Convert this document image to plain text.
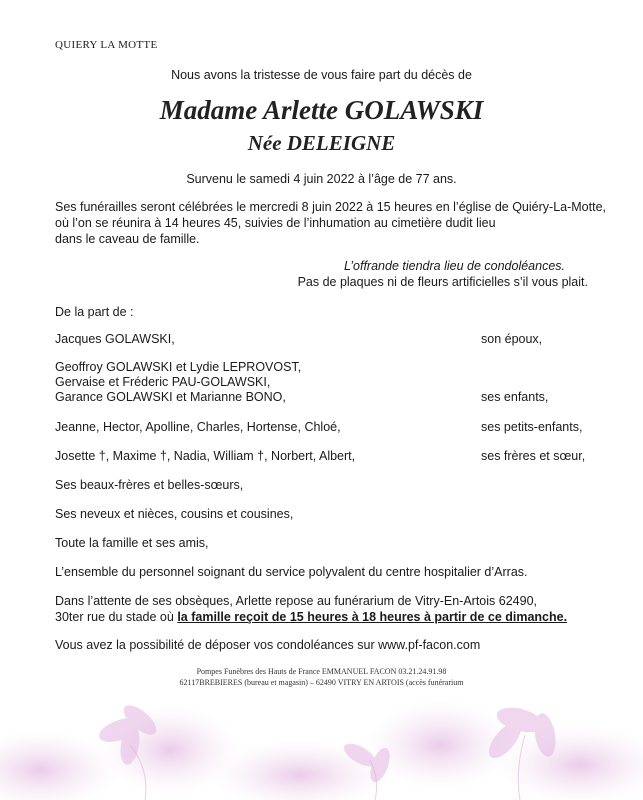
QUIERY LA MOTTE
Nous avons la tristesse de vous faire part du décès de
Madame Arlette GOLAWSKI
Née DELEIGNE
Survenu le samedi 4 juin 2022 à l’âge de 77 ans.
Ses funérailles seront célébrées le mercredi 8 juin 2022 à 15 heures en l’église de Quiéry-La-Motte,
où l’on se réunira à 14 heures 45, suivies de l’inhumation au cimetière dudit lieu
dans le caveau de famille.
L’offrande tiendra lieu de condoléances.
Pas de plaques ni de fleurs artificielles s’il vous plait.
De la part de :
Jacques GOLAWSKI,	son époux,
Geoffroy GOLAWSKI et Lydie LEPROVOST,
Gervaise et Fréderic PAU-GOLAWSKI,
Garance GOLAWSKI et Marianne BONO,	ses enfants,
Jeanne, Hector, Apolline, Charles, Hortense, Chloé,	ses petits-enfants,
Josette †, Maxime †, Nadia, William †, Norbert, Albert,	ses frères et sœur,
Ses beaux-frères et belles-sœurs,
Ses neveux et nièces, cousins et cousines,
Toute la famille et ses amis,
L’ensemble du personnel soignant du service polyvalent du centre hospitalier d’Arras.
Dans l’attente de ses obsèques, Arlette repose au funérarium de Vitry-En-Artois 62490,
30ter rue du stade où la famille reçoit de 15 heures à 18 heures à partir de ce dimanche.
Vous avez la possibilité de déposer vos condoléances sur www.pf-facon.com
Pompes Funèbres des Hauts de France EMMANUEL FACON 03.21.24.91.98
62117BREBIERES (bureau et magasin) – 62490 VITRY EN ARTOIS (accès funérarium
